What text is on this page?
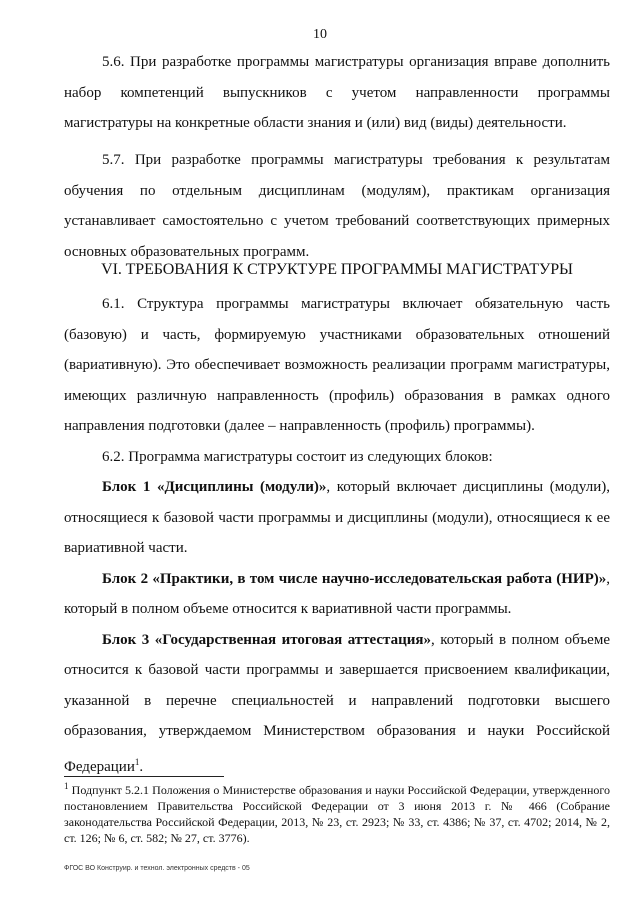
10

5.6. При разработке программы магистратуры организация вправе дополнить набор компетенций выпускников с учетом направленности программы магистратуры на конкретные области знания и (или) вид (виды) деятельности.

5.7. При разработке программы магистратуры требования к результатам обучения по отдельным дисциплинам (модулям), практикам организация устанавливает самостоятельно с учетом требований соответствующих примерных основных образовательных программ.

VI. ТРЕБОВАНИЯ К СТРУКТУРЕ ПРОГРАММЫ МАГИСТРАТУРЫ

6.1. Структура программы магистратуры включает обязательную часть (базовую) и часть, формируемую участниками образовательных отношений (вариативную). Это обеспечивает возможность реализации программ магистратуры, имеющих различную направленность (профиль) образования в рамках одного направления подготовки (далее – направленность (профиль) программы).

6.2. Программа магистратуры состоит из следующих блоков:

Блок 1 «Дисциплины (модули)», который включает дисциплины (модули), относящиеся к базовой части программы и дисциплины (модули), относящиеся к ее вариативной части.

Блок 2 «Практики, в том числе научно-исследовательская работа (НИР)», который в полном объеме относится к вариативной части программы.

Блок 3 «Государственная итоговая аттестация», который в полном объеме относится к базовой части программы и завершается присвоением квалификации, указанной в перечне специальностей и направлений подготовки высшего образования, утверждаемом Министерством образования и науки Российской Федерации$^1$.

$^1$ Подпункт 5.2.1 Положения о Министерстве образования и науки Российской Федерации, утвержденного постановлением Правительства Российской Федерации от 3 июня 2013 г. № 466 (Собрание законодательства Российской Федерации, 2013, № 23, ст. 2923; № 33, ст. 4386; № 37, ст. 4702; 2014, № 2, ст. 126; № 6, ст. 582; № 27, ст. 3776).
ФГОС ВО Конструир. и технол. электронных средств - 05
